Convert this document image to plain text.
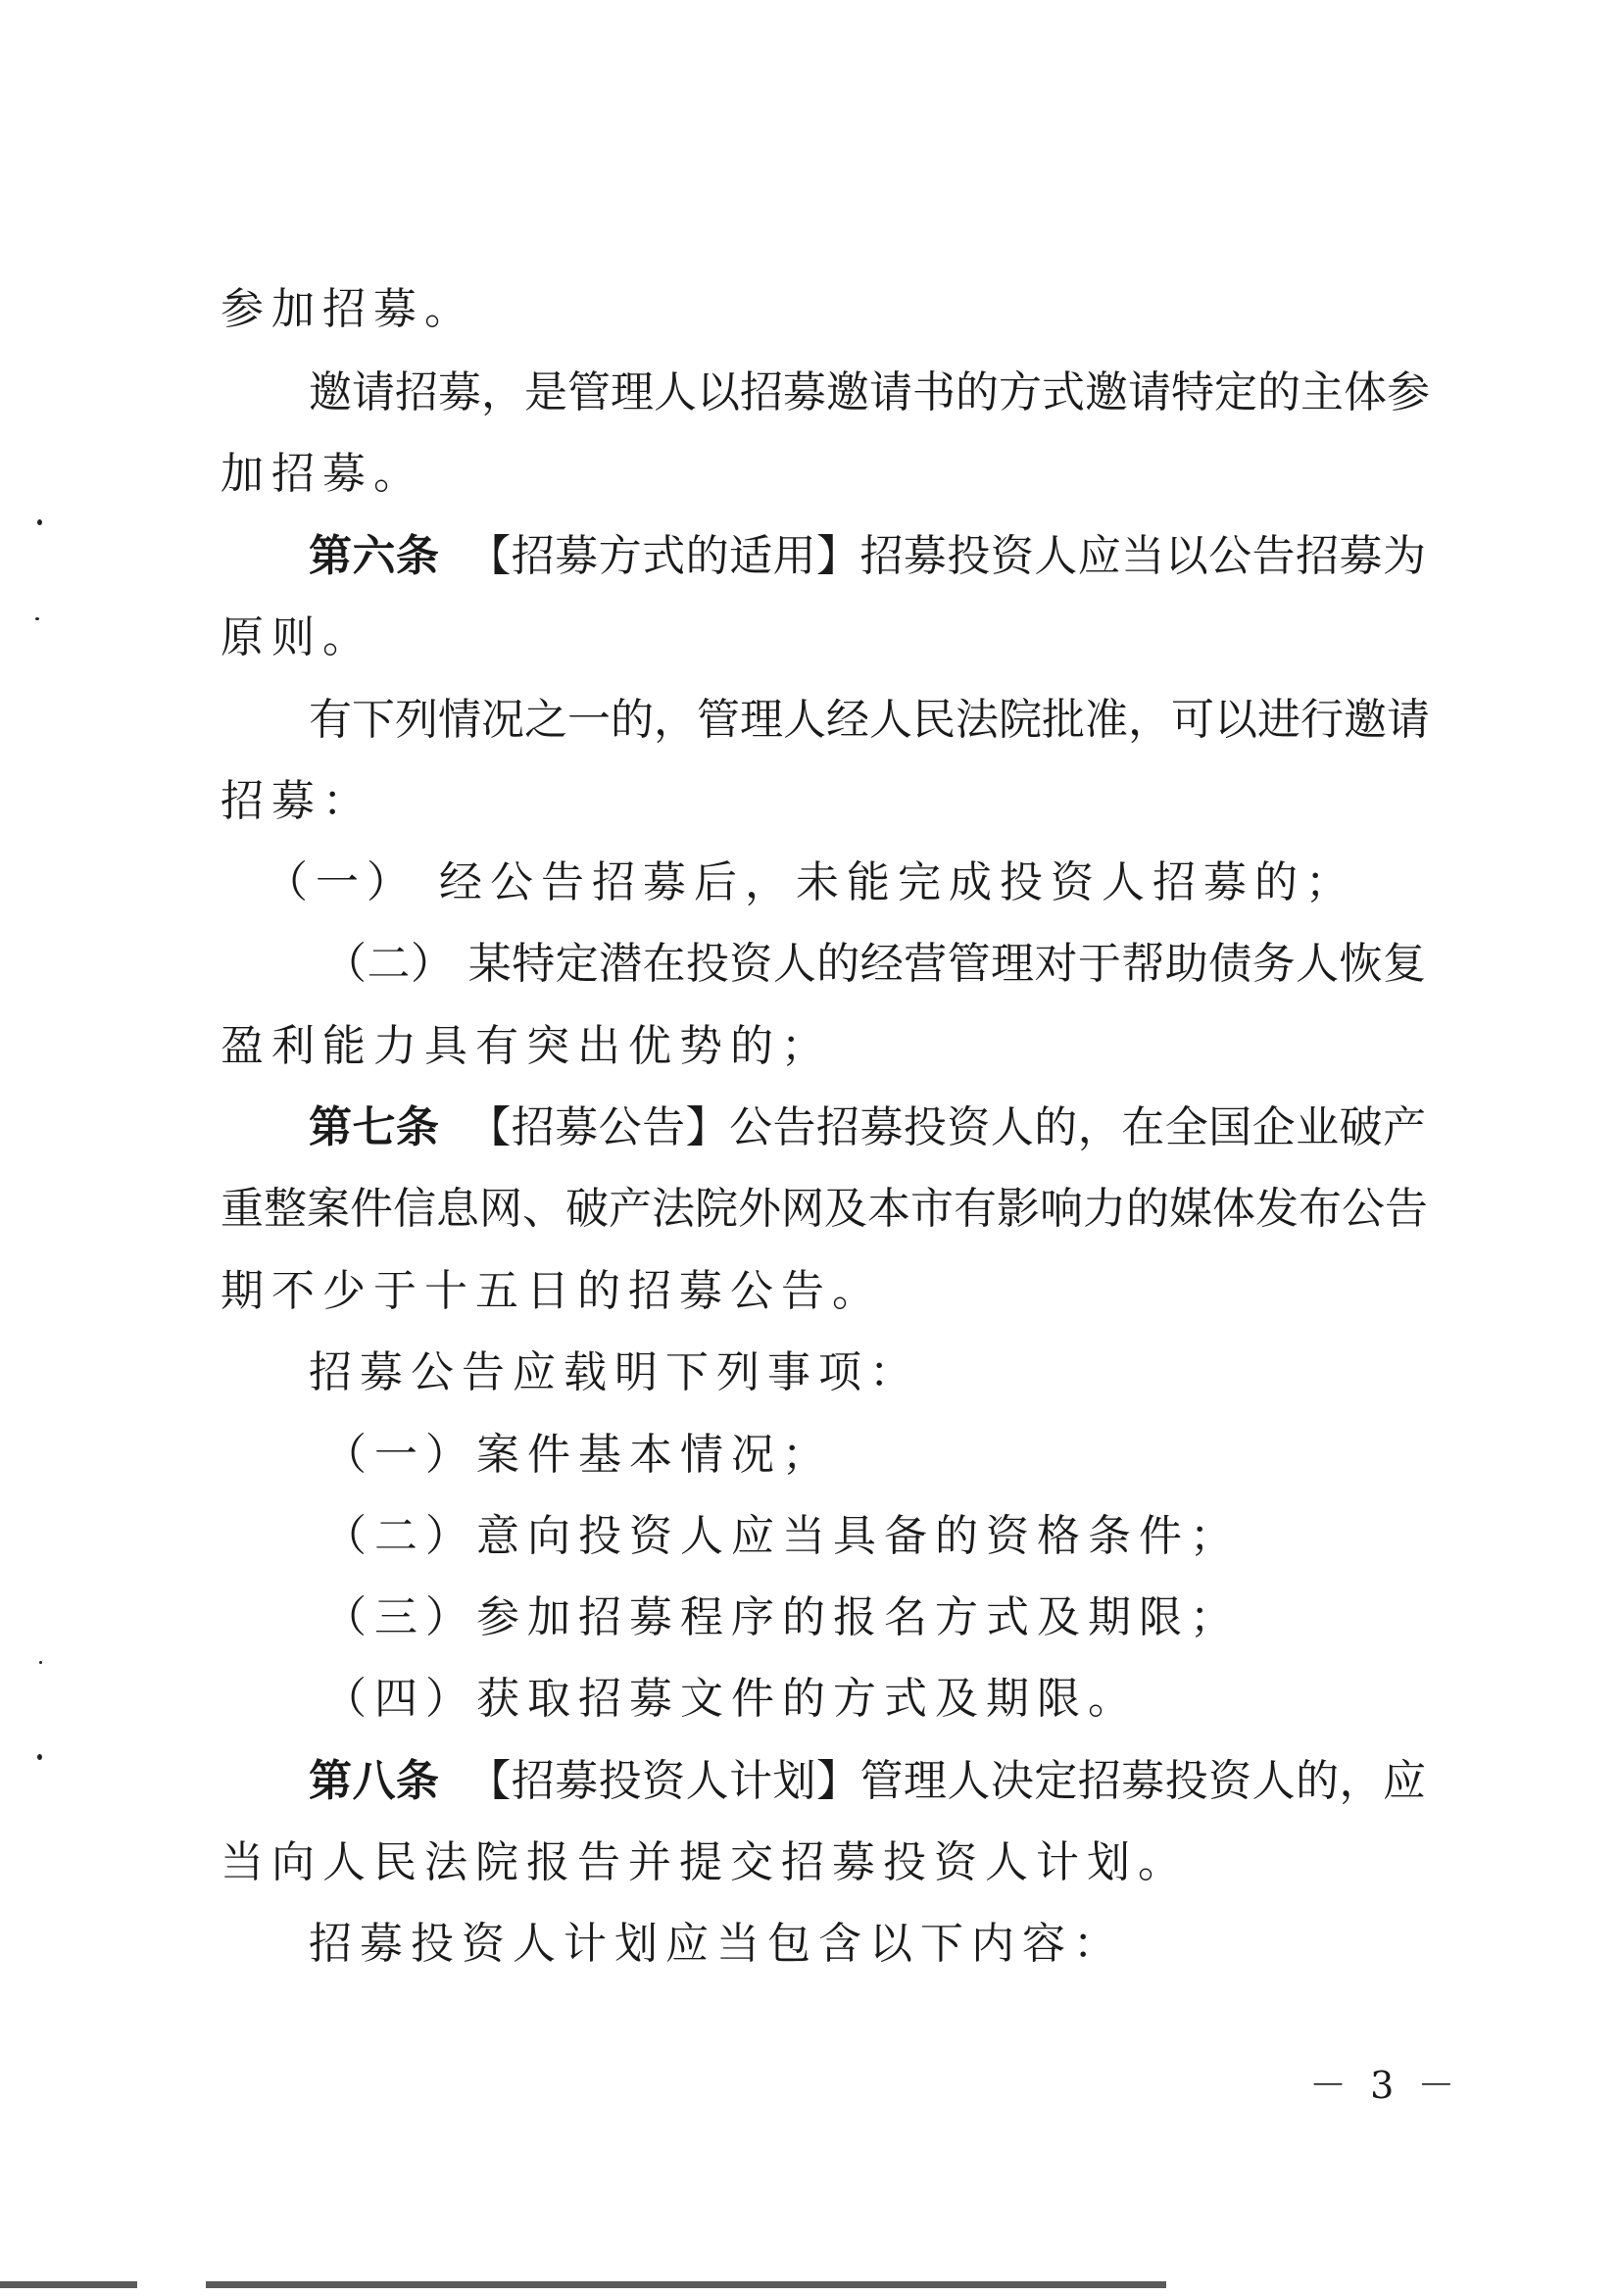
参加招募。
邀请招募，是管理人以招募邀请书的方式邀请特定的主体参
加招募。
第六条 【招募方式的适用】招募投资人应当以公告招募为
原则。
有下列情况之一的，管理人经人民法院批准，可以进行邀请
招募：
（一） 经公告招募后，未能完成投资人招募的；
（二） 某特定潜在投资人的经营管理对于帮助债务人恢复
盈利能力具有突出优势的；
第七条 【招募公告】公告招募投资人的，在全国企业破产
重整案件信息网、破产法院外网及本市有影响力的媒体发布公告
期不少于十五日的招募公告。
招募公告应载明下列事项：
（一）案件基本情况；
（二）意向投资人应当具备的资格条件；
（三）参加招募程序的报名方式及期限；
（四）获取招募文件的方式及期限。
第八条 【招募投资人计划】管理人决定招募投资人的，应
当向人民法院报告并提交招募投资人计划。
招募投资人计划应当包含以下内容：
－ 3 －
